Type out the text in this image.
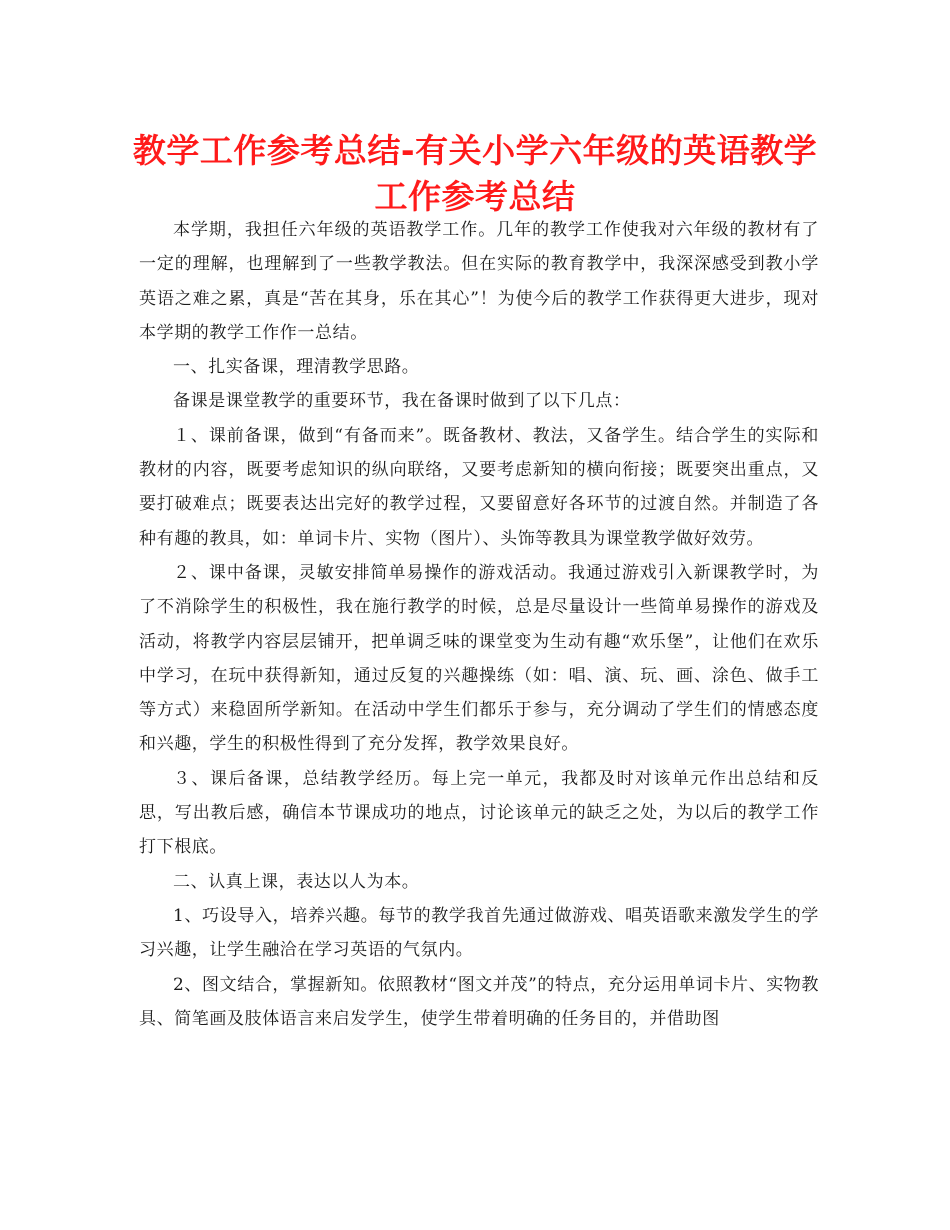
教学工作参考总结-有关小学六年级的英语教学工作参考总结

本学期，我担任六年级的英语教学工作。几年的教学工作使我对六年级的教材有了一定的理解，也理解到了一些教学教法。但在实际的教育教学中，我深深感受到教小学英语之难之累，真是“苦在其身，乐在其心”！为使今后的教学工作获得更大进步，现对本学期的教学工作作一总结。

一、扎实备课，理清教学思路。

备课是课堂教学的重要环节，我在备课时做到了以下几点：

１、课前备课，做到“有备而来”。既备教材、教法，又备学生。结合学生的实际和教材的内容，既要考虑知识的纵向联络，又要考虑新知的横向衔接；既要突出重点，又要打破难点；既要表达出完好的教学过程，又要留意好各环节的过渡自然。并制造了各种有趣的教具，如：单词卡片、实物（图片）、头饰等教具为课堂教学做好效劳。

２、课中备课，灵敏安排简单易操作的游戏活动。我通过游戏引入新课教学时，为了不消除学生的积极性，我在施行教学的时候，总是尽量设计一些简单易操作的游戏及活动，将教学内容层层铺开，把单调乏味的课堂变为生动有趣“欢乐堡”，让他们在欢乐中学习，在玩中获得新知，通过反复的兴趣操练（如：唱、演、玩、画、涂色、做手工等方式）来稳固所学新知。在活动中学生们都乐于参与，充分调动了学生们的情感态度和兴趣，学生的积极性得到了充分发挥，教学效果良好。

３、课后备课，总结教学经历。每上完一单元，我都及时对该单元作出总结和反思，写出教后感，确信本节课成功的地点，讨论该单元的缺乏之处，为以后的教学工作打下根底。

二、认真上课，表达以人为本。

1、巧设导入，培养兴趣。每节的教学我首先通过做游戏、唱英语歌来激发学生的学习兴趣，让学生融洽在学习英语的气氛内。

2、图文结合，掌握新知。依照教材“图文并茂”的特点，充分运用单词卡片、实物教具、简笔画及肢体语言来启发学生，使学生带着明确的任务目的，并借助图
